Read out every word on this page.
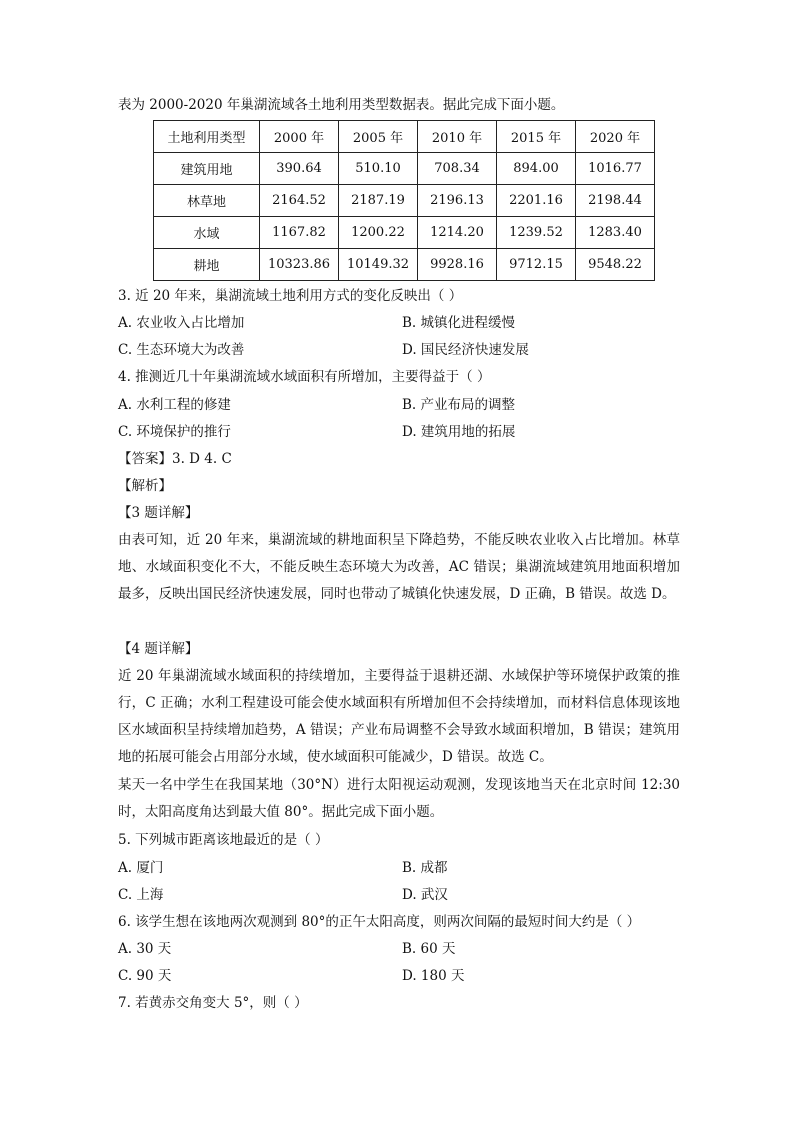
表为 2000-2020 年巢湖流域各土地利用类型数据表。据此完成下面小题。
土地利用类型	2000 年	2005 年	2010 年	2015 年	2020 年
建筑用地	390.64	510.10	708.34	894.00	1016.77
林草地	2164.52	2187.19	2196.13	2201.16	2198.44
水域	1167.82	1200.22	1214.20	1239.52	1283.40
耕地	10323.86	10149.32	9928.16	9712.15	9548.22
3. 近 20 年来，巢湖流域土地利用方式的变化反映出（ ）
A. 农业收入占比增加	B. 城镇化进程缓慢
C. 生态环境大为改善	D. 国民经济快速发展
4. 推测近几十年巢湖流域水域面积有所增加，主要得益于（ ）
A. 水利工程的修建	B. 产业布局的调整
C. 环境保护的推行	D. 建筑用地的拓展
【答案】3. D 4. C
【解析】
【3 题详解】
由表可知，近 20 年来，巢湖流域的耕地面积呈下降趋势，不能反映农业收入占比增加。林草地、水域面积变化不大，不能反映生态环境大为改善，AC 错误；巢湖流域建筑用地面积增加最多，反映出国民经济快速发展，同时也带动了城镇化快速发展，D 正确，B 错误。故选 D。
【4 题详解】
近 20 年巢湖流域水域面积的持续增加，主要得益于退耕还湖、水域保护等环境保护政策的推行，C 正确；水利工程建设可能会使水域面积有所增加但不会持续增加，而材料信息体现该地区水域面积呈持续增加趋势，A 错误；产业布局调整不会导致水域面积增加，B 错误；建筑用地的拓展可能会占用部分水域，使水域面积可能减少，D 错误。故选 C。
某天一名中学生在我国某地（30°N）进行太阳视运动观测，发现该地当天在北京时间 12:30 时，太阳高度角达到最大值 80°。据此完成下面小题。
5. 下列城市距离该地最近的是（ ）
A. 厦门	B. 成都
C. 上海	D. 武汉
6. 该学生想在该地两次观测到 80°的正午太阳高度，则两次间隔的最短时间大约是（ ）
A. 30 天	B. 60 天
C. 90 天	D. 180 天
7. 若黄赤交角变大 5°，则（ ）
